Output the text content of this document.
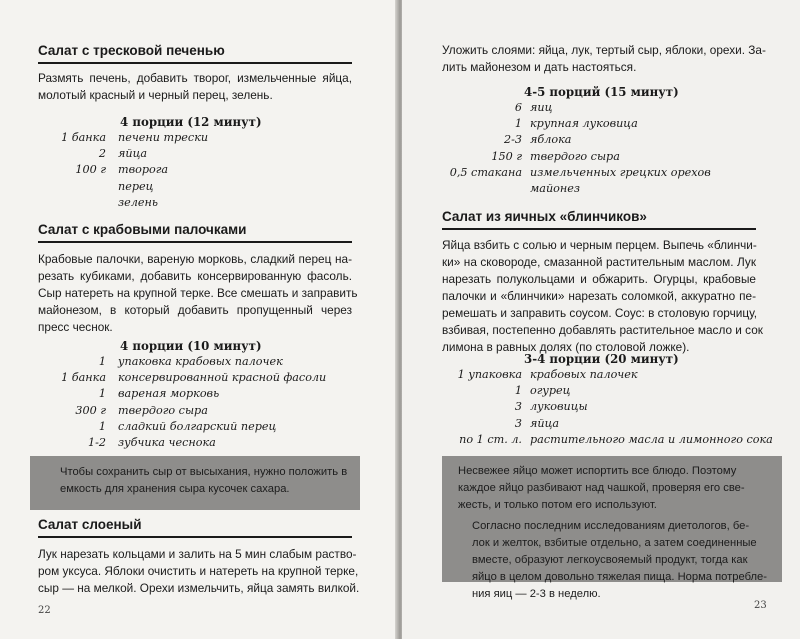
Салат с тресковой печенью
Размять печень, добавить творог, измельченные яйца,
молотый красный и черный перец, зелень.
4 порции (12 минут)
1 банка печени трески
2 яйца
100 г творога
перец
зелень
Салат с крабовыми палочками
Крабовые палочки, вареную морковь, сладкий перец на-
резать кубиками, добавить консервированную фасоль.
Сыр натереть на крупной терке. Все смешать и заправить
майонезом, в который добавить пропущенный через
пресс чеснок.
4 порции (10 минут)
1 упаковка крабовых палочек
1 банка консервированной красной фасоли
1 вареная морковь
300 г твердого сыра
1 сладкий болгарский перец
1-2 зубчика чеснока
Чтобы сохранить сыр от высыхания, нужно положить в
емкость для хранения сыра кусочек сахара.
Салат слоеный
Лук нарезать кольцами и залить на 5 мин слабым раство-
ром уксуса. Яблоки очистить и натереть на крупной терке,
сыр — на мелкой. Орехи измельчить, яйца замять вилкой.
22
Уложить слоями: яйца, лук, тертый сыр, яблоки, орехи. За-
лить майонезом и дать настояться.
4-5 порций (15 минут)
6 яиц
1 крупная луковица
2-3 яблока
150 г твердого сыра
0,5 стакана измельченных грецких орехов
майонез
Салат из яичных «блинчиков»
Яйца взбить с солью и черным перцем. Выпечь «блинчи-
ки» на сковороде, смазанной растительным маслом. Лук
нарезать полукольцами и обжарить. Огурцы, крабовые
палочки и «блинчики» нарезать соломкой, аккуратно пе-
ремешать и заправить соусом. Соус: в столовую горчицу,
взбивая, постепенно добавлять растительное масло и сок
лимона в равных долях (по столовой ложке).
3-4 порции (20 минут)
1 упаковка крабовых палочек
1 огурец
3 луковицы
3 яйца
по 1 ст. л. растительного масла и лимонного сока
Несвежее яйцо может испортить все блюдо. Поэтому
каждое яйцо разбивают над чашкой, проверяя его све-
жесть, и только потом его используют.
Согласно последним исследованиям диетологов, бе-
лок и желток, взбитые отдельно, а затем соединенные
вместе, образуют легкоусвояемый продукт, тогда как
яйцо в целом довольно тяжелая пища. Норма потребле-
ния яиц — 2-3 в неделю.
23
